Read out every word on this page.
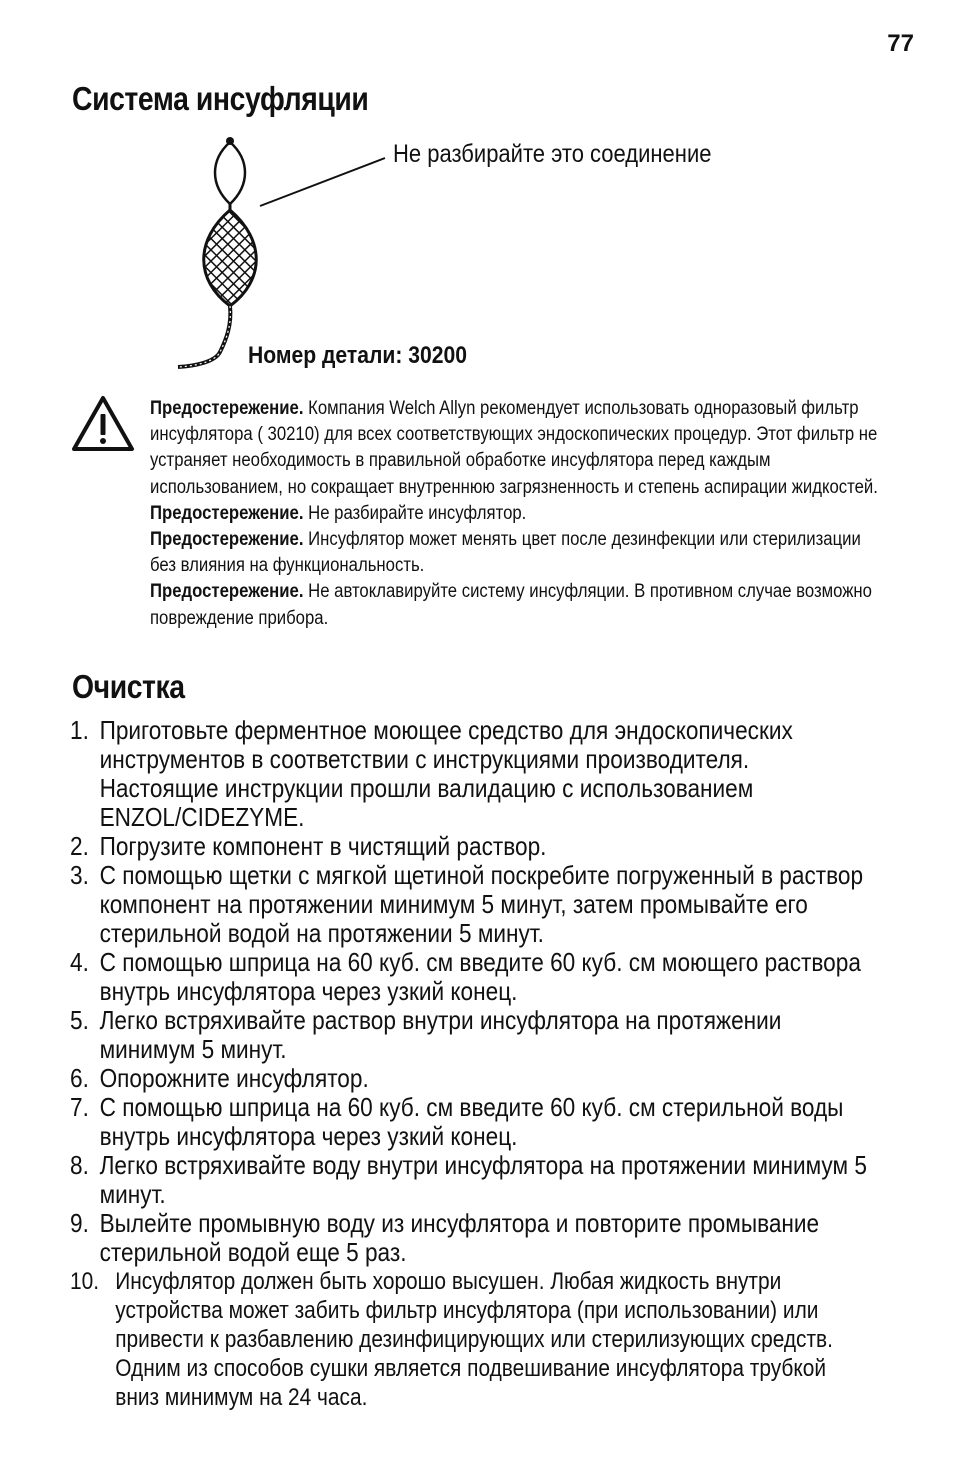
77
Система инсуфляции
Не разбирайте это соединение
Номер детали: 30200

Предостережение. Компания Welch Allyn рекомендует использовать одноразовый фильтр инсуфлятора ( 30210) для всех соответствующих эндоскопических процедур. Этот фильтр не устраняет необходимость в правильной обработке инсуфлятора перед каждым использованием, но сокращает внутреннюю загрязненность и степень аспирации жидкостей.

Предостережение. Не разбирайте инсуфлятор.

Предостережение. Инсуфлятор может менять цвет после дезинфекции или стерилизации без влияния на функциональность.

Предостережение. Не автоклавируйте систему инсуфляции. В противном случае возможно повреждение прибора.

Очистка
1. Приготовьте ферментное моющее средство для эндоскопических инструментов в соответствии с инструкциями производителя. Настоящие инструкции прошли валидацию с использованием ENZOL/CIDEZYME.
2. Погрузите компонент в чистящий раствор.
3. С помощью щетки с мягкой щетиной поскребите погруженный в раствор компонент на протяжении минимум 5 минут, затем промывайте его стерильной водой на протяжении 5 минут.
4. С помощью шприца на 60 куб. см введите 60 куб. см моющего раствора внутрь инсуфлятора через узкий конец.
5. Легко встряхивайте раствор внутри инсуфлятора на протяжении минимум 5 минут.
6. Опорожните инсуфлятор.
7. С помощью шприца на 60 куб. см введите 60 куб. см стерильной воды внутрь инсуфлятора через узкий конец.
8. Легко встряхивайте воду внутри инсуфлятора на протяжении минимум 5 минут.
9. Вылейте промывную воду из инсуфлятора и повторите промывание стерильной водой еще 5 раз.
10. Инсуфлятор должен быть хорошо высушен. Любая жидкость внутри устройства может забить фильтр инсуфлятора (при использовании) или привести к разбавлению дезинфицирующих или стерилизующих средств. Одним из способов сушки является подвешивание инсуфлятора трубкой вниз минимум на 24 часа.
